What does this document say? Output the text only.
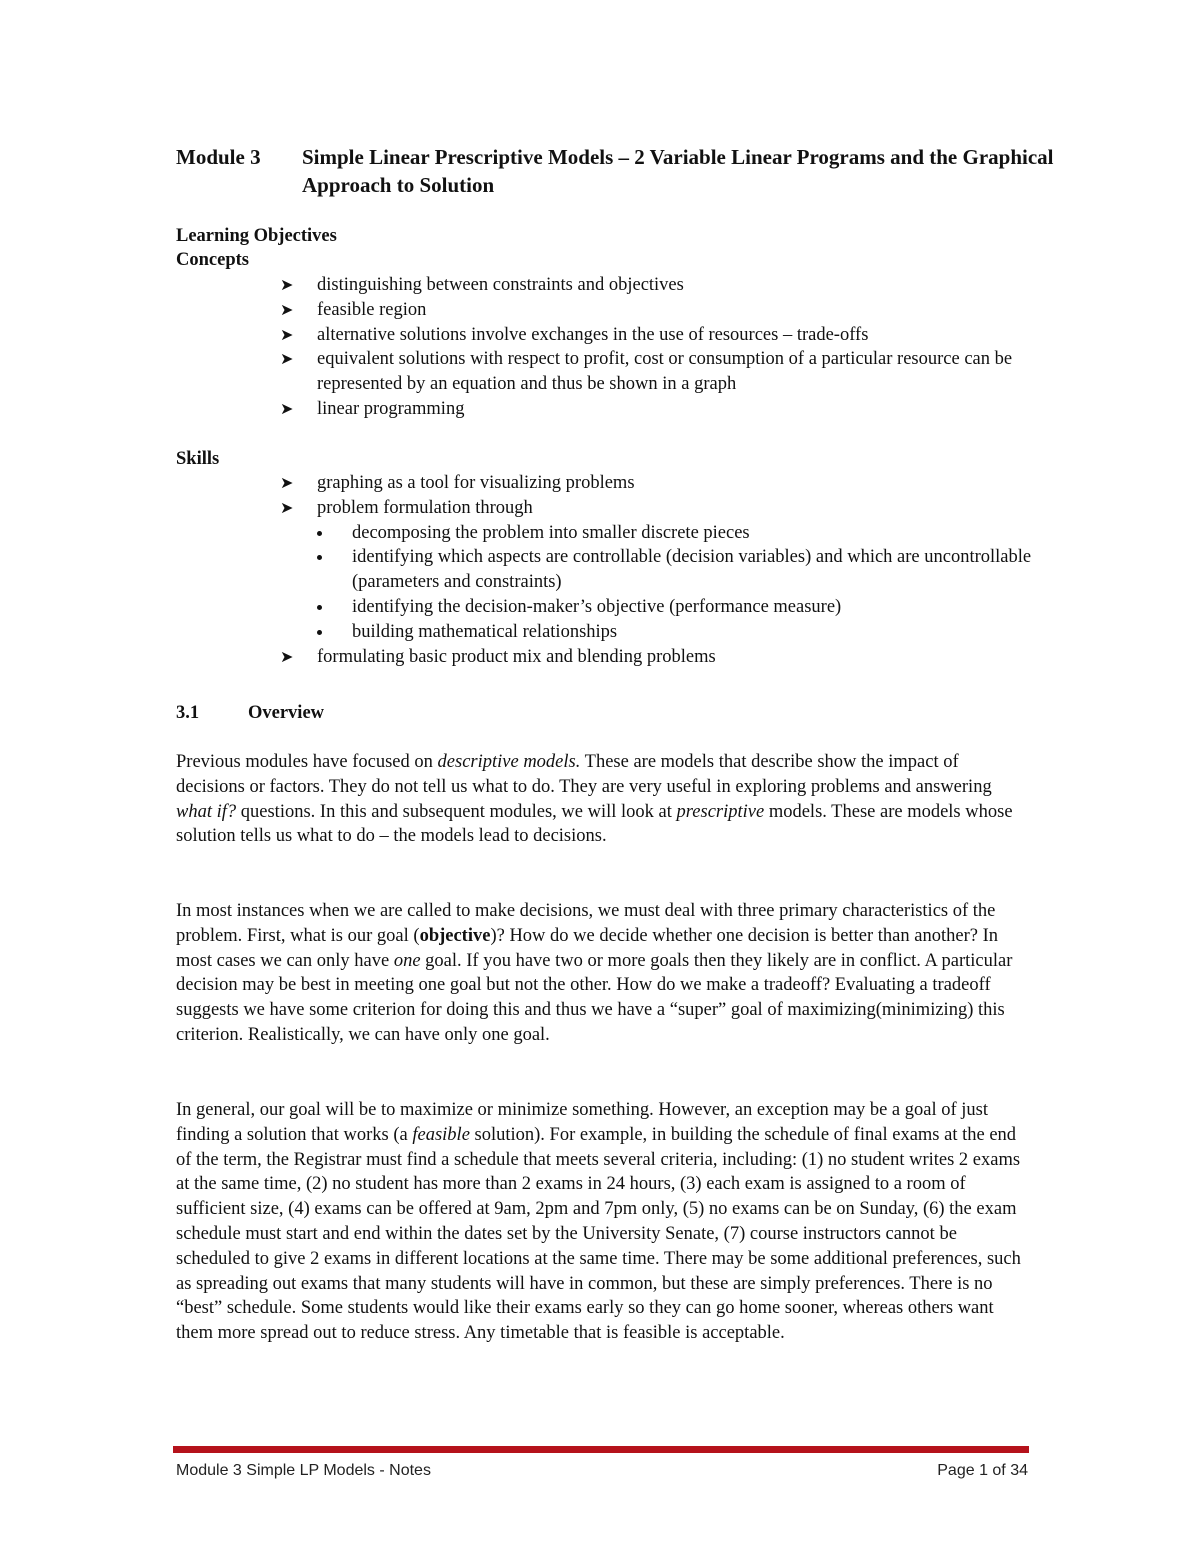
Module 3 Simple Linear Prescriptive Models – 2 Variable Linear Programs and the Graphical Approach to Solution
Learning Objectives
Concepts
➤ distinguishing between constraints and objectives
➤ feasible region
➤ alternative solutions involve exchanges in the use of resources – trade-offs
➤ equivalent solutions with respect to profit, cost or consumption of a particular resource can be represented by an equation and thus be shown in a graph
➤ linear programming
Skills
➤ graphing as a tool for visualizing problems
➤ problem formulation through
decomposing the problem into smaller discrete pieces
identifying which aspects are controllable (decision variables) and which are uncontrollable (parameters and constraints)
identifying the decision-maker’s objective (performance measure)
building mathematical relationships
➤ formulating basic product mix and blending problems
3.1	Overview

Previous modules have focused on descriptive models. These are models that describe show the impact of decisions or factors. They do not tell us what to do. They are very useful in exploring problems and answering what if? questions. In this and subsequent modules, we will look at prescriptive models. These are models whose solution tells us what to do – the models lead to decisions.

In most instances when we are called to make decisions, we must deal with three primary characteristics of the problem. First, what is our goal (objective)? How do we decide whether one decision is better than another? In most cases we can only have one goal. If you have two or more goals then they likely are in conflict. A particular decision may be best in meeting one goal but not the other. How do we make a tradeoff? Evaluating a tradeoff suggests we have some criterion for doing this and thus we have a “super” goal of maximizing(minimizing) this criterion. Realistically, we can have only one goal.

In general, our goal will be to maximize or minimize something. However, an exception may be a goal of just finding a solution that works (a feasible solution). For example, in building the schedule of final exams at the end of the term, the Registrar must find a schedule that meets several criteria, including: (1) no student writes 2 exams at the same time, (2) no student has more than 2 exams in 24 hours, (3) each exam is assigned to a room of sufficient size, (4) exams can be offered at 9am, 2pm and 7pm only, (5) no exams can be on Sunday, (6) the exam schedule must start and end within the dates set by the University Senate, (7) course instructors cannot be scheduled to give 2 exams in different locations at the same time. There may be some additional preferences, such as spreading out exams that many students will have in common, but these are simply preferences. There is no “best” schedule. Some students would like their exams early so they can go home sooner, whereas others want them more spread out to reduce stress. Any timetable that is feasible is acceptable.

Module 3 Simple LP Models - Notes	Page 1 of 34
